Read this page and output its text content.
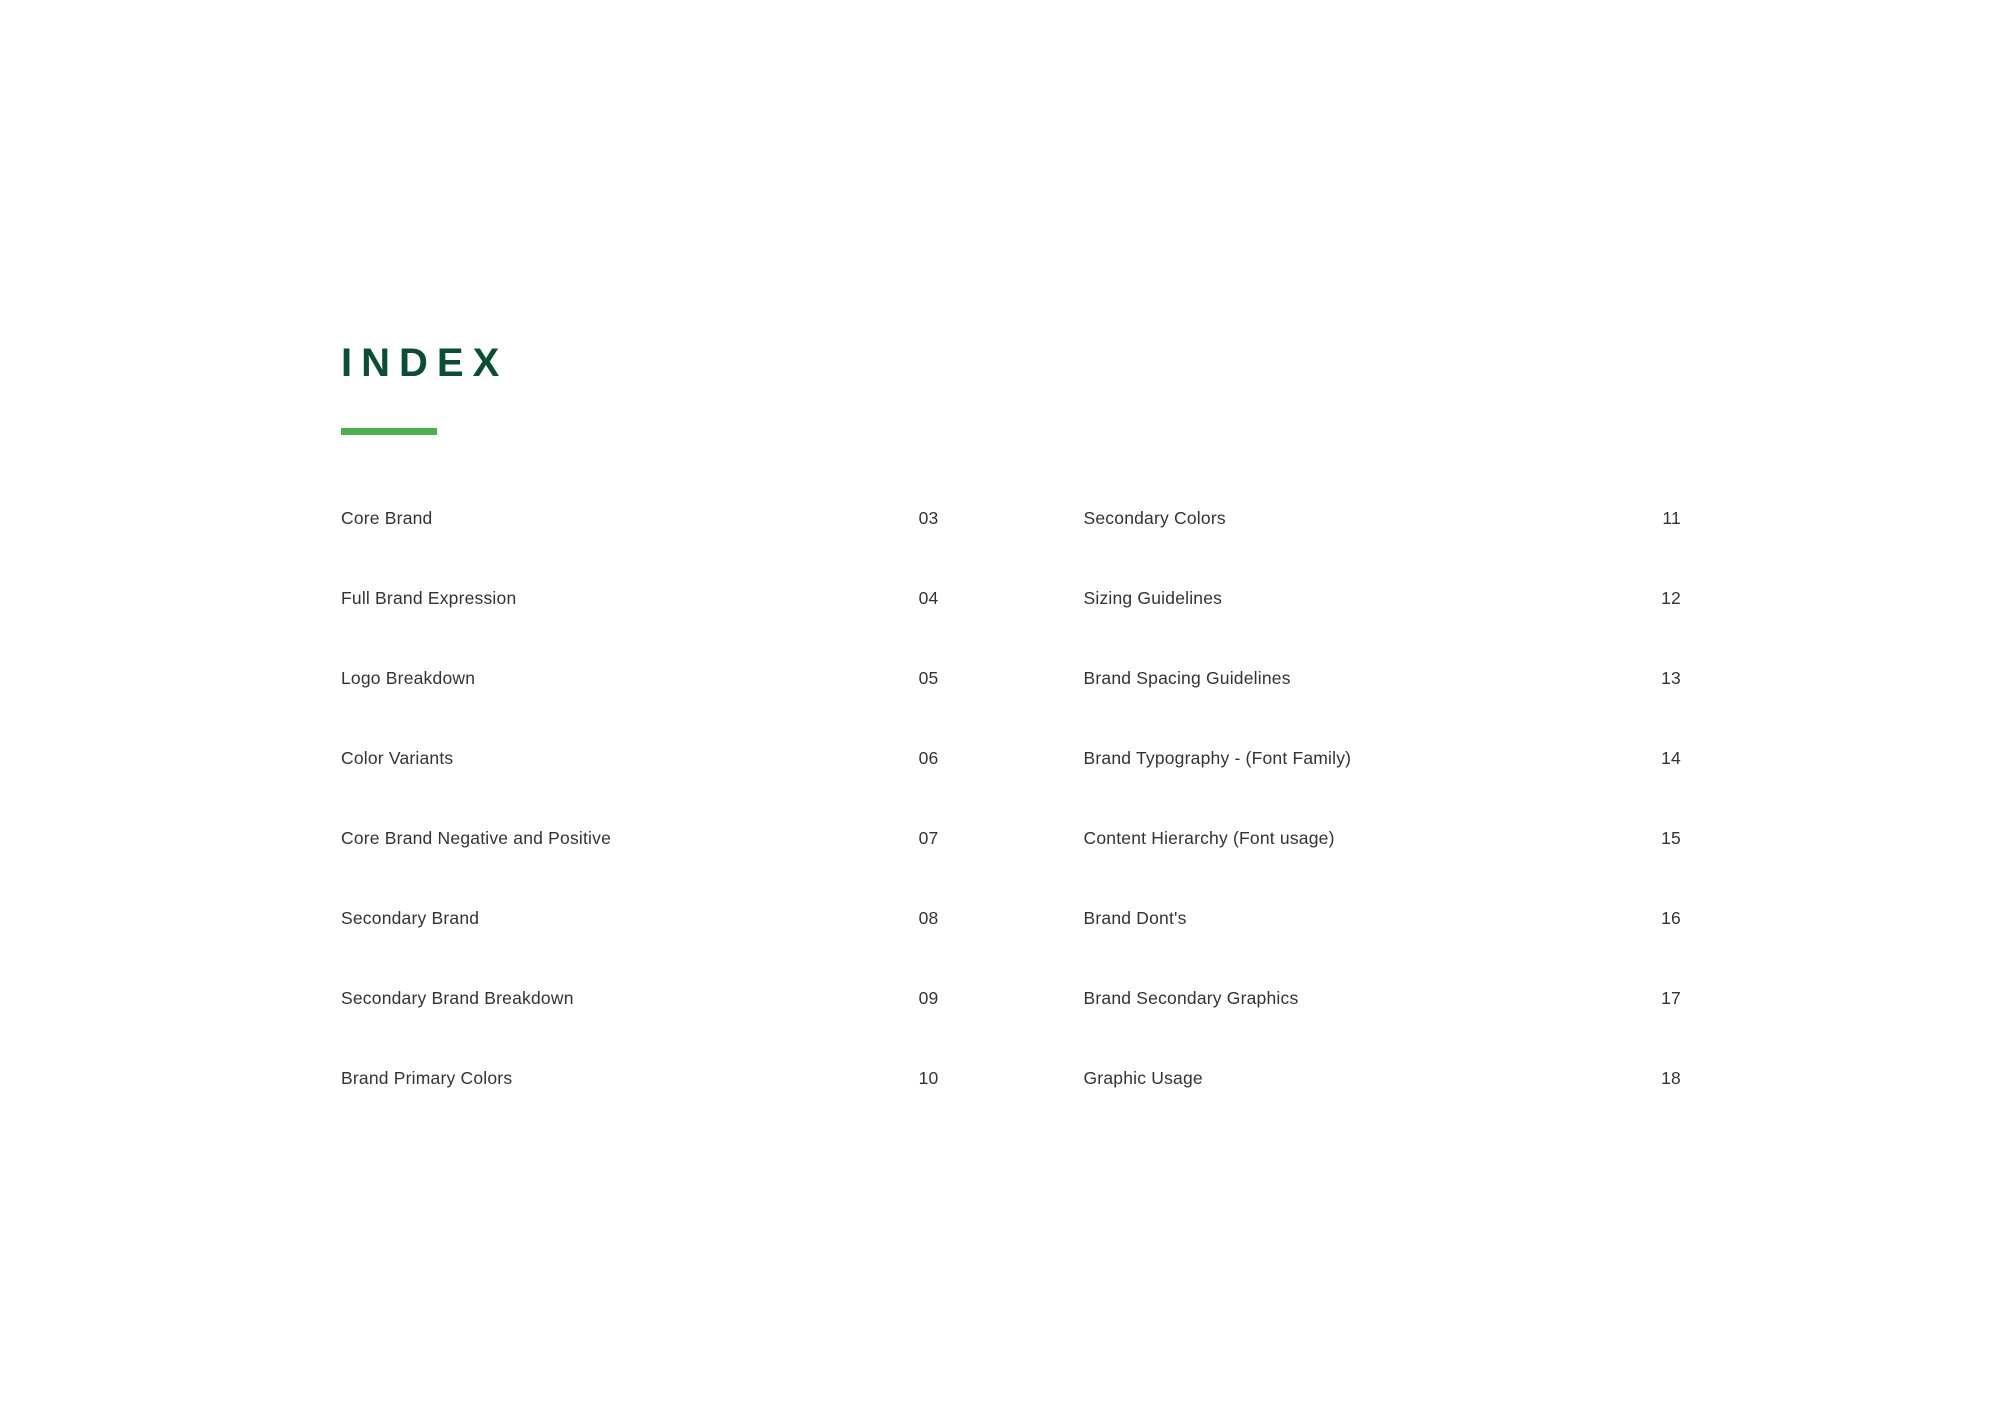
INDEX
Core Brand	03
Full Brand Expression	04
Logo Breakdown	05
Color Variants	06
Core Brand Negative and Positive	07
Secondary Brand	08
Secondary Brand Breakdown	09
Brand Primary Colors	10
Secondary Colors	11
Sizing Guidelines	12
Brand Spacing Guidelines	13
Brand Typography - (Font Family)	14
Content Hierarchy (Font usage)	15
Brand Dont's	16
Brand Secondary Graphics	17
Graphic Usage	18
